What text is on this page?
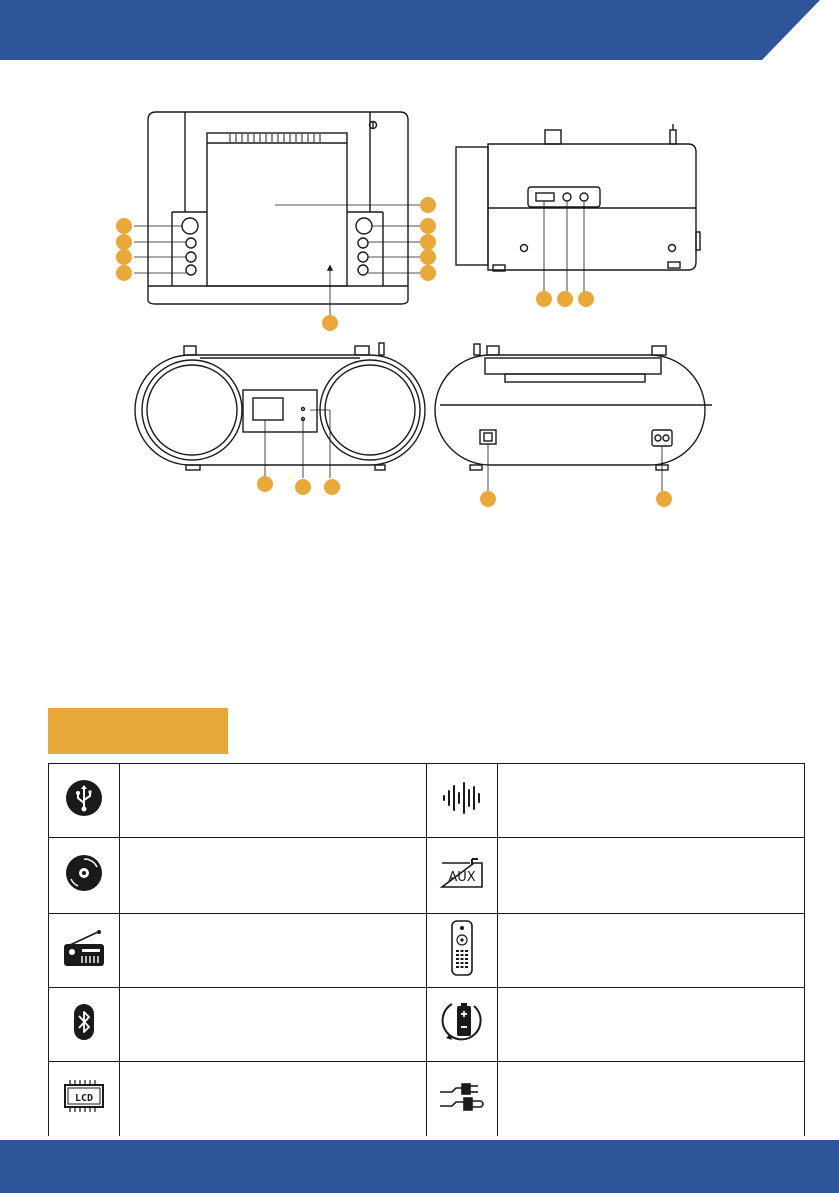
AUX	

LCD
